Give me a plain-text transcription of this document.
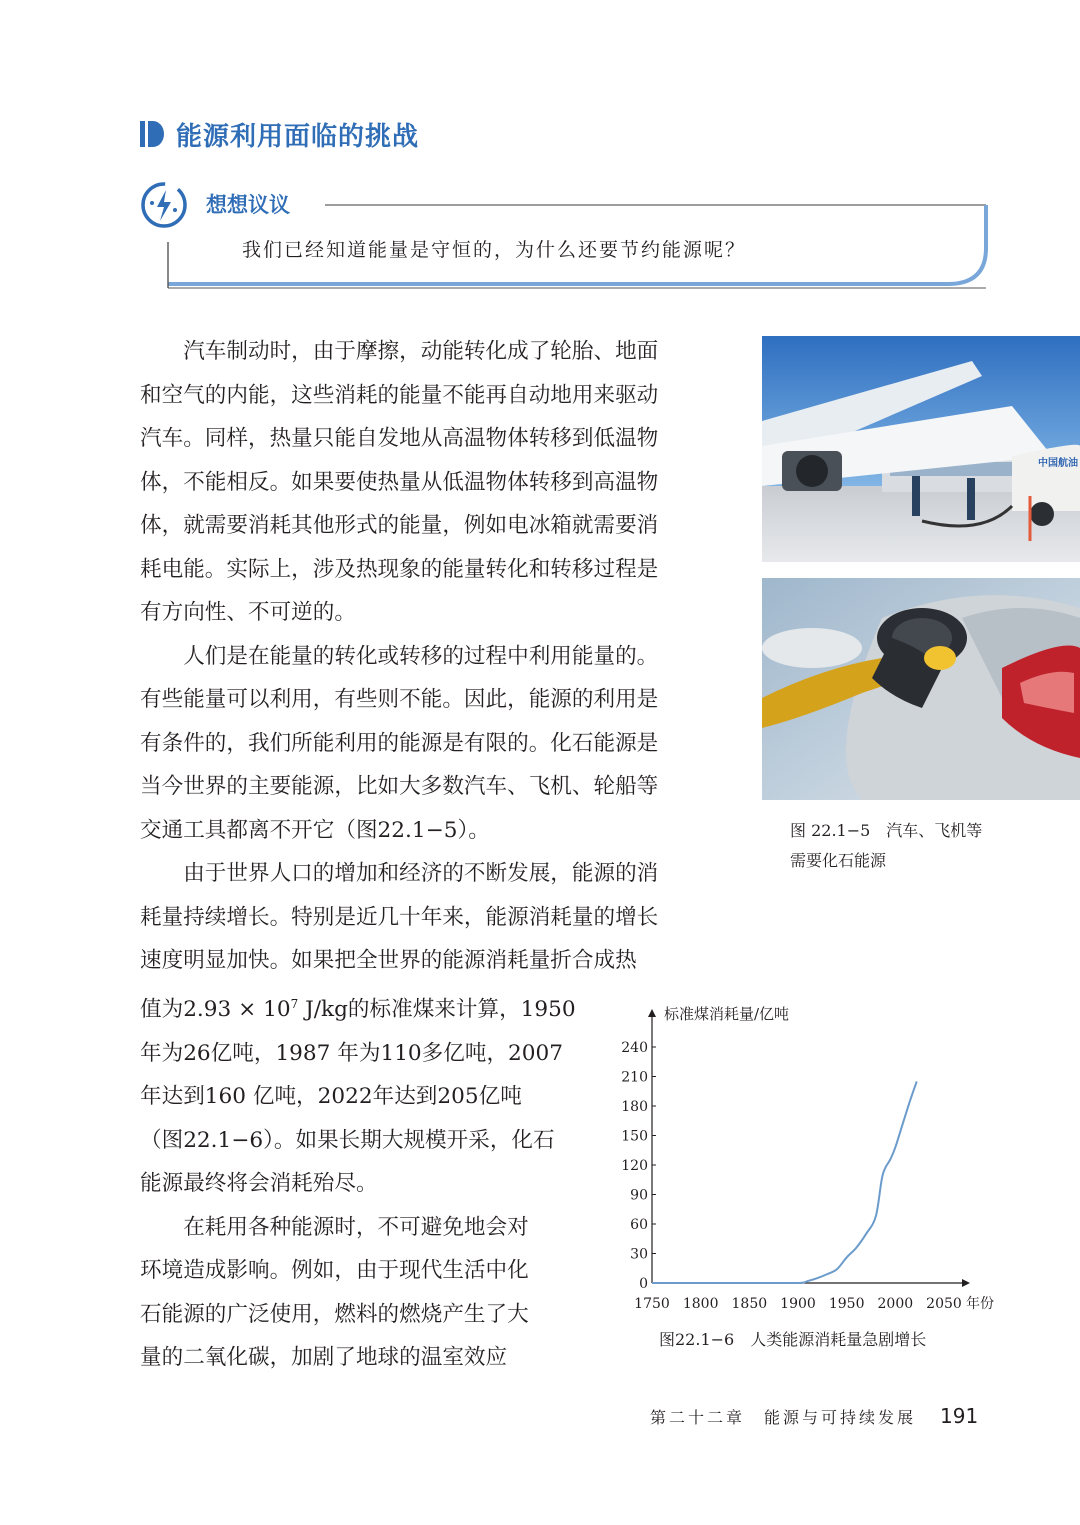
能源利用面临的挑战
想想议议
我们已经知道能量是守恒的，为什么还要节约能源呢？

　　汽车制动时，由于摩擦，动能转化成了轮胎、地面

和空气的内能，这些消耗的能量不能再自动地用来驱动

汽车。同样，热量只能自发地从高温物体转移到低温物

体，不能相反。如果要使热量从低温物体转移到高温物

体，就需要消耗其他形式的能量，例如电冰箱就需要消

耗电能。实际上，涉及热现象的能量转化和转移过程是

有方向性、不可逆的。

　　人们是在能量的转化或转移的过程中利用能量的。

有些能量可以利用，有些则不能。因此，能源的利用是

有条件的，我们所能利用的能源是有限的。化石能源是

当今世界的主要能源，比如大多数汽车、飞机、轮船等

交通工具都离不开它（图22.1−5）。

　　由于世界人口的增加和经济的不断发展，能源的消

耗量持续增长。特别是近几十年来，能源消耗量的增长

速度明显加快。如果把全世界的能源消耗量折合成热

值为$2.93 \times 10^7$ J/kg的标准煤来计算，1950

年为26亿吨，1987 年为110多亿吨，2007

年达到160 亿吨，2022年达到205亿吨

（图22.1−6）。如果长期大规模开采，化石

能源最终将会消耗殆尽。

　　在耗用各种能源时，不可避免地会对

环境造成影响。例如，由于现代生活中化

石能源的广泛使用，燃料的燃烧产生了大

量的二氧化碳，加剧了地球的温室效应

中国航油

图 22.1−5　汽车、飞机等

需要化石能源

0
30
60
90
120
150
180
210
240
1750 1800 1850 1900 1950 2000 2050
标准煤消耗量/亿吨
年份
图22.1−6　人类能源消耗量急剧增长
第二十二章　能源与可持续发展 191
